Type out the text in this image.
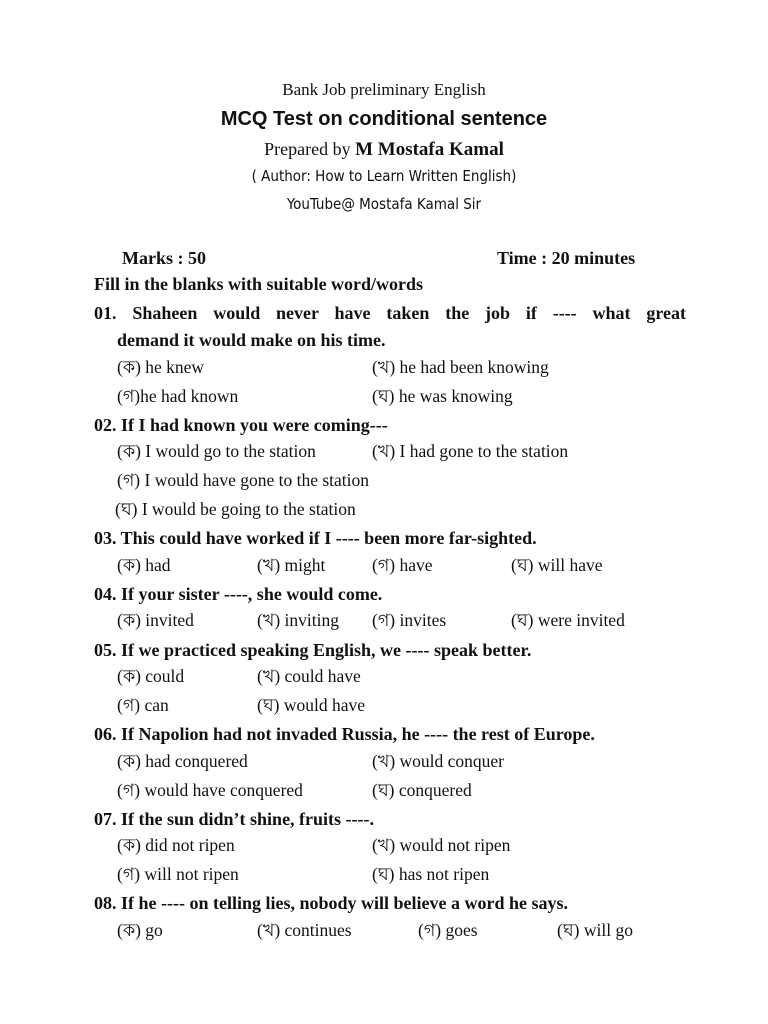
Bank Job preliminary English
MCQ Test on conditional sentence
Prepared by M Mostafa Kamal
( Author: How to Learn Written English)
YouTube@ Mostafa Kamal Sir
Marks : 50	Time : 20 minutes
Fill in the blanks with suitable word/words
01. Shaheen would never have taken the job if ---- what great
demand it would make on his time.
(ক) he knew	(খ) he had been knowing
(গ)he had known	(ঘ) he was knowing
02. If I had known you were coming---
(ক) I would go to the station	(খ) I had gone to the station
(গ) I would have gone to the station
(ঘ) I would be going to the station
03. This could have worked if I ---- been more far-sighted.
(ক) had	(খ) might	(গ) have	(ঘ) will have
04. If your sister ----, she would come.
(ক) invited	(খ) inviting (গ) invites	(ঘ) were invited
05. If we practiced speaking English, we ---- speak better.
(ক) could	(খ) could have
(গ) can	(ঘ) would have
06. If Napolion had not invaded Russia, he ---- the rest of Europe.
(ক) had conquered	(খ) would conquer
(গ) would have conquered	(ঘ) conquered
07. If the sun didn’t shine, fruits ----.
(ক) did not ripen	(খ) would not ripen
(গ) will not ripen	(ঘ) has not ripen
08. If he ---- on telling lies, nobody will believe a word he says.
(ক) go	(খ) continues	(গ) goes	(ঘ) will go
